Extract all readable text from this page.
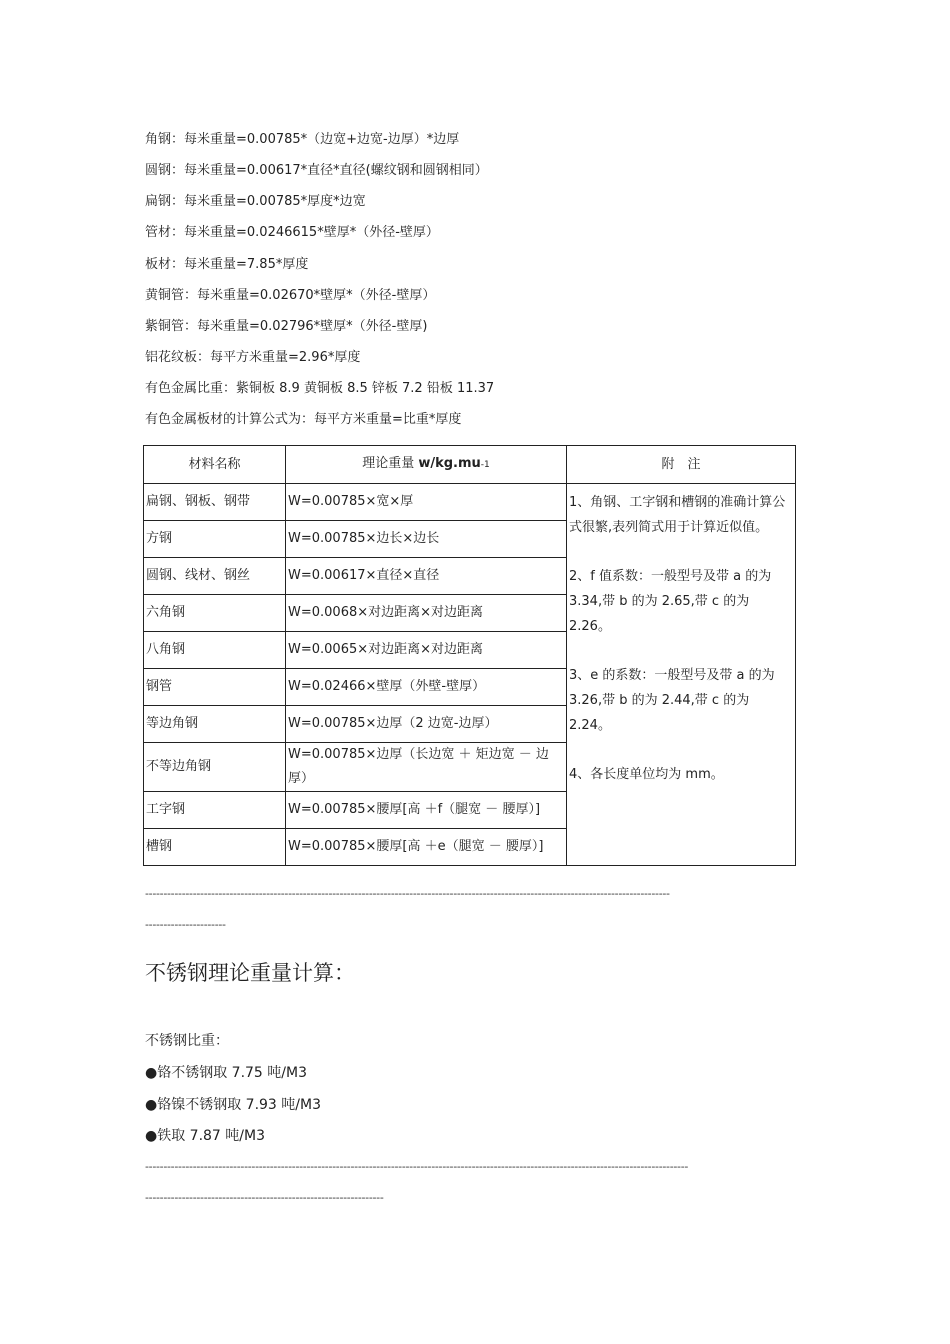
角钢：每米重量=0.00785*（边宽+边宽-边厚）*边厚
圆钢：每米重量=0.00617*直径*直径(螺纹钢和圆钢相同）
扁钢：每米重量=0.00785*厚度*边宽
管材：每米重量=0.0246615*壁厚*（外径-壁厚）
板材：每米重量=7.85*厚度
黄铜管：每米重量=0.02670*壁厚*（外径-壁厚）
紫铜管：每米重量=0.02796*壁厚*（外径-壁厚)
铝花纹板：每平方米重量=2.96*厚度
有色金属比重：紫铜板 8.9 黄铜板 8.5 锌板 7.2 铅板 11.37
有色金属板材的计算公式为：每平方米重量=比重*厚度
材料名称	理论重量 w/kg.mu-1	附　注
扁钢、钢板、钢带	W=0.00785×宽×厚	1、角钢、工字钢和槽钢的准确计算公式很繁,表列简式用于计算近似值。

2、f 值系数：一般型号及带 a 的为 3.34,带 b 的为 2.65,带 c 的为 2.26。

3、e 的系数：一般型号及带 a 的为 3.26,带 b 的为 2.44,带 c 的为 2.24。

4、各长度单位均为 mm。

方钢	W=0.00785×边长×边长	
圆钢、线材、钢丝	W=0.00617×直径×直径	
六角钢	W=0.0068×对边距离×对边距离	
八角钢	W=0.0065×对边距离×对边距离	
钢管	W=0.02466×壁厚（外壁-壁厚）	
等边角钢	W=0.00785×边厚（2 边宽-边厚）	
不等边角钢	W=0.00785×边厚（长边宽 ＋ 矩边宽 － 边厚）	
工字钢	W=0.00785×腰厚[高 ＋f（腿宽 － 腰厚）]	
槽钢	W=0.00785×腰厚[高 ＋e（腿宽 － 腰厚）]	
-----------------------------------------------------------------------------------------------------------------------------------------------
----------------------
不锈钢理论重量计算：
不锈钢比重：
●铬不锈钢取 7.75 吨/M3
●铬镍不锈钢取 7.93 吨/M3
●铁取 7.87 吨/M3
----------------------------------------------------------------------------------------------------------------------------------------------------
-----------------------------------------------------------------
